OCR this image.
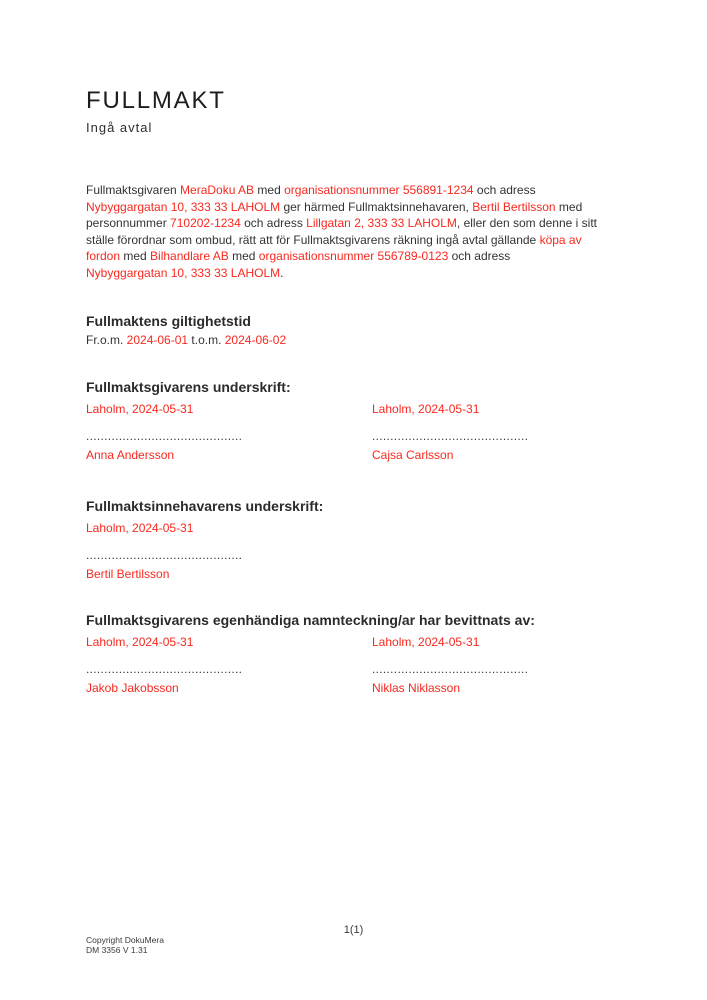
FULLMAKT
Ingå avtal
Fullmaktsgivaren MeraDoku AB med organisationsnummer 556891-1234 och adress
Nybyggargatan 10, 333 33 LAHOLM ger härmed Fullmaktsinnehavaren, Bertil Bertilsson med
personnummer 710202-1234 och adress Lillgatan 2, 333 33 LAHOLM, eller den som denne i sitt
ställe förordnar som ombud, rätt att för Fullmaktsgivarens räkning ingå avtal gällande köpa av
fordon med Bilhandlare AB med organisationsnummer 556789-0123 och adress
Nybyggargatan 10, 333 33 LAHOLM.
Fullmaktens giltighetstid
Fr.o.m. 2024-06-01 t.o.m. 2024-06-02
Fullmaktsgivarens underskrift:
Laholm, 2024-05-31
...........................................
Anna Andersson
Laholm, 2024-05-31
...........................................
Cajsa Carlsson
Fullmaktsinnehavarens underskrift:
Laholm, 2024-05-31
...........................................
Bertil Bertilsson
Fullmaktsgivarens egenhändiga namnteckning/ar har bevittnats av:
Laholm, 2024-05-31
...........................................
Jakob Jakobsson
Laholm, 2024-05-31
...........................................
Niklas Niklasson
1(1)
Copyright DokuMera
DM 3356 V 1.31
